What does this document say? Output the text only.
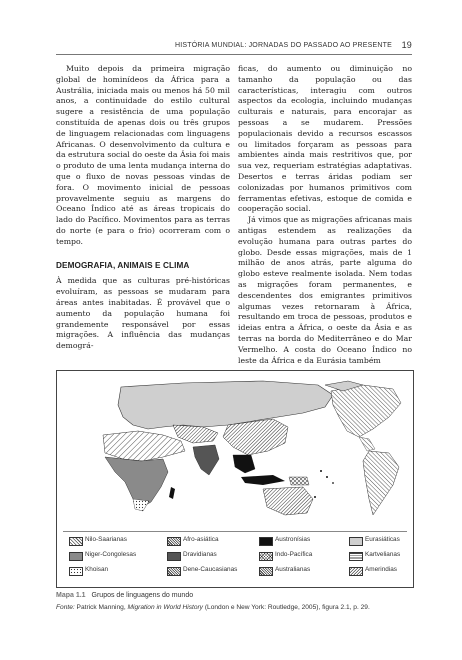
HISTÓRIA MUNDIAL: JORNADAS DO PASSADO AO PRESENTE 19

Muito depois da primeira migração global de hominídeos da África para a Austrália, iniciada mais ou menos há 50 mil anos, a continuidade do estilo cultural sugere a resistência de uma população constituída de apenas dois ou três grupos de linguagem relacionadas com linguagens Africanas. O desenvolvimento da cultura e da estrutura social do oeste da Ásia foi mais o produto de uma lenta mudança interna do que o fluxo de novas pessoas vindas de fora. O movimento inicial de pessoas provavelmente seguiu as margens do Oceano Índico até as áreas tropicais do lado do Pacífico. Movimentos para as terras do norte (e para o frio) ocorreram com o tempo.

DEMOGRAFIA, ANIMAIS E CLIMA

À medida que as culturas pré-históricas evoluíram, as pessoas se mudaram para áreas antes inabitadas. É provável que o aumento da população humana foi grandemente responsável por essas migrações. A influência das mudanças demográ-

ficas, do aumento ou diminuição no tamanho da população ou das características, interagiu com outros aspectos da ecologia, incluindo mudanças culturais e naturais, para encorajar as pessoas a se mudarem. Pressões populacionais devido a recursos escassos ou limitados forçaram as pessoas para ambientes ainda mais restritivos que, por sua vez, requeriam estratégias adaptativas. Desertos e terras áridas podiam ser colonizadas por humanos primitivos com ferramentas efetivas, estoque de comida e cooperação social.

Já vimos que as migrações africanas mais antigas estendem as realizações da evolução humana para outras partes do globo. Desde essas migrações, mais de 1 milhão de anos atrás, parte alguma do globo esteve realmente isolada. Nem todas as migrações foram permanentes, e descendentes dos emigrantes primitivos algumas vezes retornaram à África, resultando em troca de pessoas, produtos e ideias entra a África, o oeste da Ásia e as terras na borda do Mediterrâneo e do Mar Vermelho. A costa do Oceano Índico no leste da África e da Eurásia também

Nilo-Saarianas	Afro-asiática	Austronísias	Eurasiáticas
Niger-Congolesas	Dravidianas	Indo-Pacífica	Kartvelianas
Khoisan	Dene-Caucasianas	Australianas	Amerindias
Mapa 1.1 Grupos de linguagens do mundo
Fonte: Patrick Manning, Migration in World History (London e New York: Routledge, 2005), figura 2.1, p. 29.
